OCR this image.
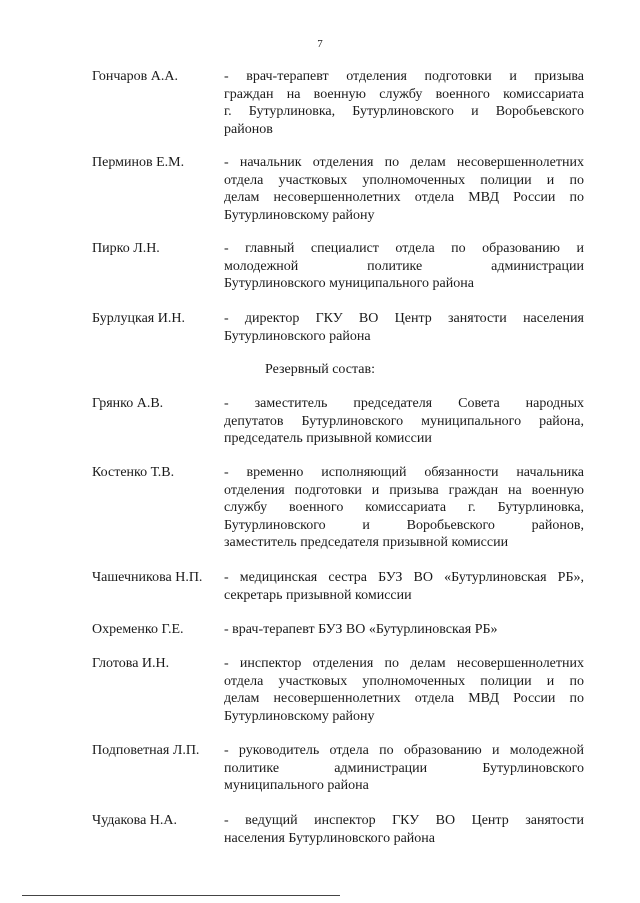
7
Гончаров А.А.	- врач-терапевт отделения подготовки и призыва
граждан на военную службу военного комиссариата
г. Бутурлиновка, Бутурлиновского и Воробьевского
районов
Перминов Е.М.	- начальник отделения по делам несовершеннолетних
отдела участковых уполномоченных полиции и по
делам несовершеннолетних отдела МВД России по
Бутурлиновскому району
Пирко Л.Н.	- главный специалист отдела по образованию и
молодежной политике администрации
Бутурлиновского муниципального района
Бурлуцкая И.Н.	- директор ГКУ ВО Центр занятости населения
Бутурлиновского района
Резервный состав:
Грянко А.В.	- заместитель председателя Совета народных
депутатов Бутурлиновского муниципального района,
председатель призывной комиссии
Костенко Т.В.	- временно исполняющий обязанности начальника
отделения подготовки и призыва граждан на военную
службу военного комиссариата г. Бутурлиновка,
Бутурлиновского и Воробьевского районов,
заместитель председателя призывной комиссии
Чашечникова Н.П. - медицинская сестра БУЗ ВО «Бутурлиновская РБ»,
секретарь призывной комиссии
Охременко Г.Е.	- врач-терапевт БУЗ ВО «Бутурлиновская РБ»
Глотова И.Н.	- инспектор отделения по делам несовершеннолетних
отдела участковых уполномоченных полиции и по
делам несовершеннолетних отдела МВД России по
Бутурлиновскому району
Подповетная Л.П. - руководитель отдела по образованию и молодежной
политике администрации Бутурлиновского
муниципального района
Чудакова Н.А.	- ведущий инспектор ГКУ ВО Центр занятости
населения Бутурлиновского района
